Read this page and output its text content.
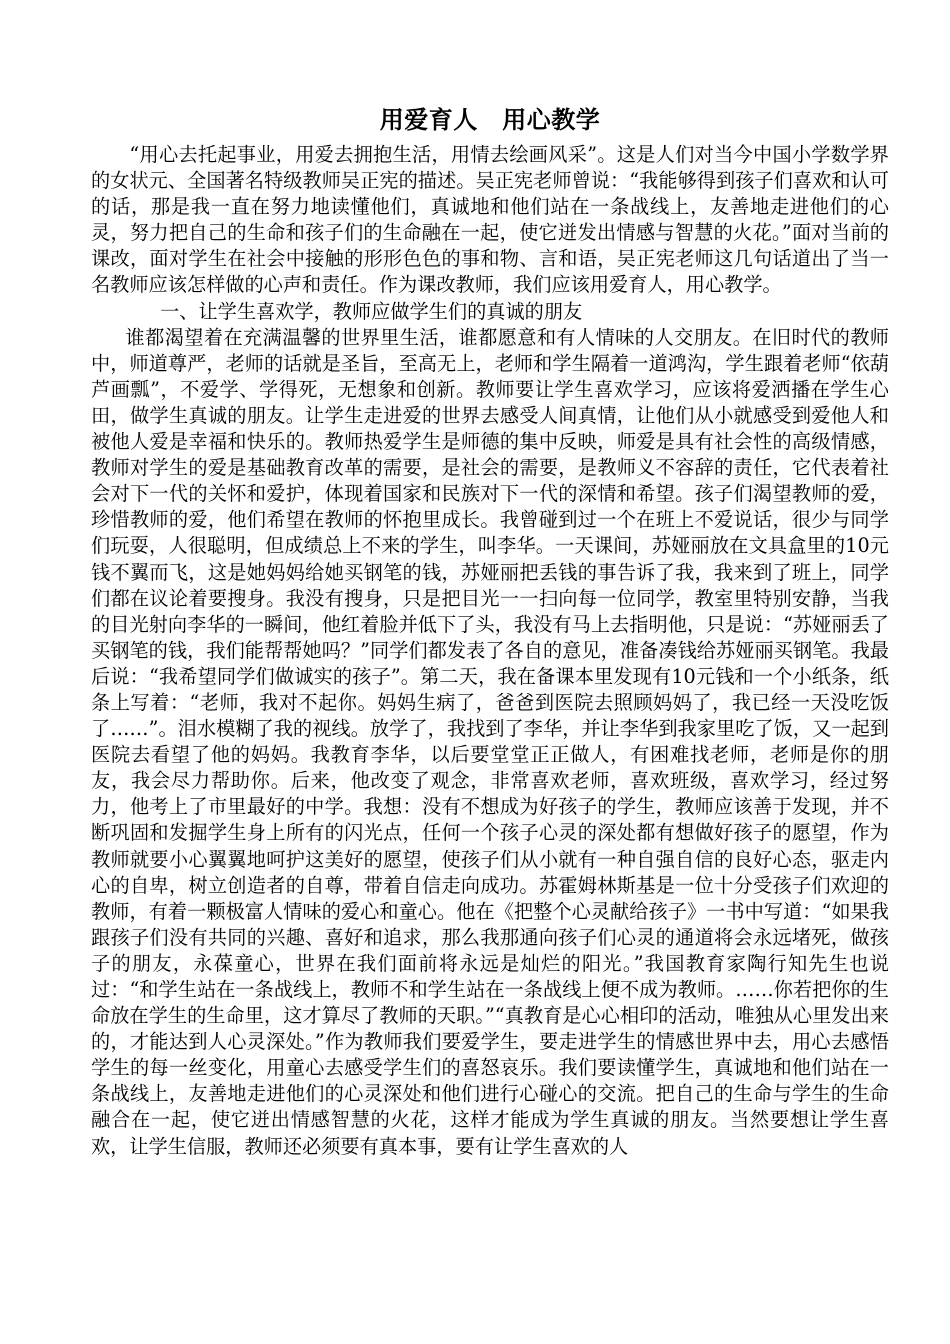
用爱育人　用心教学

“用心去托起事业，用爱去拥抱生活，用情去绘画风采”。这是人们对当今中国小学数学界的女状元、全国著名特级教师吴正宪的描述。吴正宪老师曾说：“我能够得到孩子们喜欢和认可的话，那是我一直在努力地读懂他们，真诚地和他们站在一条战线上，友善地走进他们的心灵，努力把自己的生命和孩子们的生命融在一起，使它迸发出情感与智慧的火花。”面对当前的课改，面对学生在社会中接触的形形色色的事和物、言和语，吴正宪老师这几句话道出了当一名教师应该怎样做的心声和责任。作为课改教师，我们应该用爱育人，用心教学。

一、让学生喜欢学，教师应做学生们的真诚的朋友

谁都渴望着在充满温馨的世界里生活，谁都愿意和有人情味的人交朋友。在旧时代的教师中，师道尊严，老师的话就是圣旨，至高无上，老师和学生隔着一道鸿沟，学生跟着老师“依葫芦画瓢”，不爱学、学得死，无想象和创新。教师要让学生喜欢学习，应该将爱洒播在学生心田，做学生真诚的朋友。让学生走进爱的世界去感受人间真情，让他们从小就感受到爱他人和被他人爱是幸福和快乐的。教师热爱学生是师德的集中反映，师爱是具有社会性的高级情感，教师对学生的爱是基础教育改革的需要，是社会的需要，是教师义不容辞的责任，它代表着社会对下一代的关怀和爱护，体现着国家和民族对下一代的深情和希望。孩子们渴望教师的爱，珍惜教师的爱，他们希望在教师的怀抱里成长。我曾碰到过一个在班上不爱说话，很少与同学们玩耍，人很聪明，但成绩总上不来的学生，叫李华。一天课间，苏娅丽放在文具盒里的10元钱不翼而飞，这是她妈妈给她买钢笔的钱，苏娅丽把丢钱的事告诉了我，我来到了班上，同学们都在议论着要搜身。我没有搜身，只是把目光一一扫向每一位同学，教室里特别安静，当我的目光射向李华的一瞬间，他红着脸并低下了头，我没有马上去指明他，只是说：“苏娅丽丢了买钢笔的钱，我们能帮帮她吗？”同学们都发表了各自的意见，准备凑钱给苏娅丽买钢笔。我最后说：“我希望同学们做诚实的孩子”。第二天，我在备课本里发现有10元钱和一个小纸条，纸条上写着：“老师，我对不起你。妈妈生病了，爸爸到医院去照顾妈妈了，我已经一天没吃饭了……”。泪水模糊了我的视线。放学了，我找到了李华，并让李华到我家里吃了饭，又一起到医院去看望了他的妈妈。我教育李华，以后要堂堂正正做人，有困难找老师，老师是你的朋友，我会尽力帮助你。后来，他改变了观念，非常喜欢老师，喜欢班级，喜欢学习，经过努力，他考上了市里最好的中学。我想：没有不想成为好孩子的学生，教师应该善于发现，并不断巩固和发掘学生身上所有的闪光点，任何一个孩子心灵的深处都有想做好孩子的愿望，作为教师就要小心翼翼地呵护这美好的愿望，使孩子们从小就有一种自强自信的良好心态，驱走内心的自卑，树立创造者的自尊，带着自信走向成功。苏霍姆林斯基是一位十分受孩子们欢迎的教师，有着一颗极富人情味的爱心和童心。他在《把整个心灵献给孩子》一书中写道：“如果我跟孩子们没有共同的兴趣、喜好和追求，那么我那通向孩子们心灵的通道将会永远堵死，做孩子的朋友，永葆童心，世界在我们面前将永远是灿烂的阳光。”我国教育家陶行知先生也说过：“和学生站在一条战线上，教师不和学生站在一条战线上便不成为教师。……你若把你的生命放在学生的生命里，这才算尽了教师的天职。”“真教育是心心相印的活动，唯独从心里发出来的，才能达到人心灵深处。”作为教师我们要爱学生，要走进学生的情感世界中去，用心去感悟学生的每一丝变化，用童心去感受学生们的喜怒哀乐。我们要读懂学生，真诚地和他们站在一条战线上，友善地走进他们的心灵深处和他们进行心碰心的交流。把自己的生命与学生的生命融合在一起，使它迸出情感智慧的火花，这样才能成为学生真诚的朋友。当然要想让学生喜欢，让学生信服，教师还必须要有真本事，要有让学生喜欢的人
